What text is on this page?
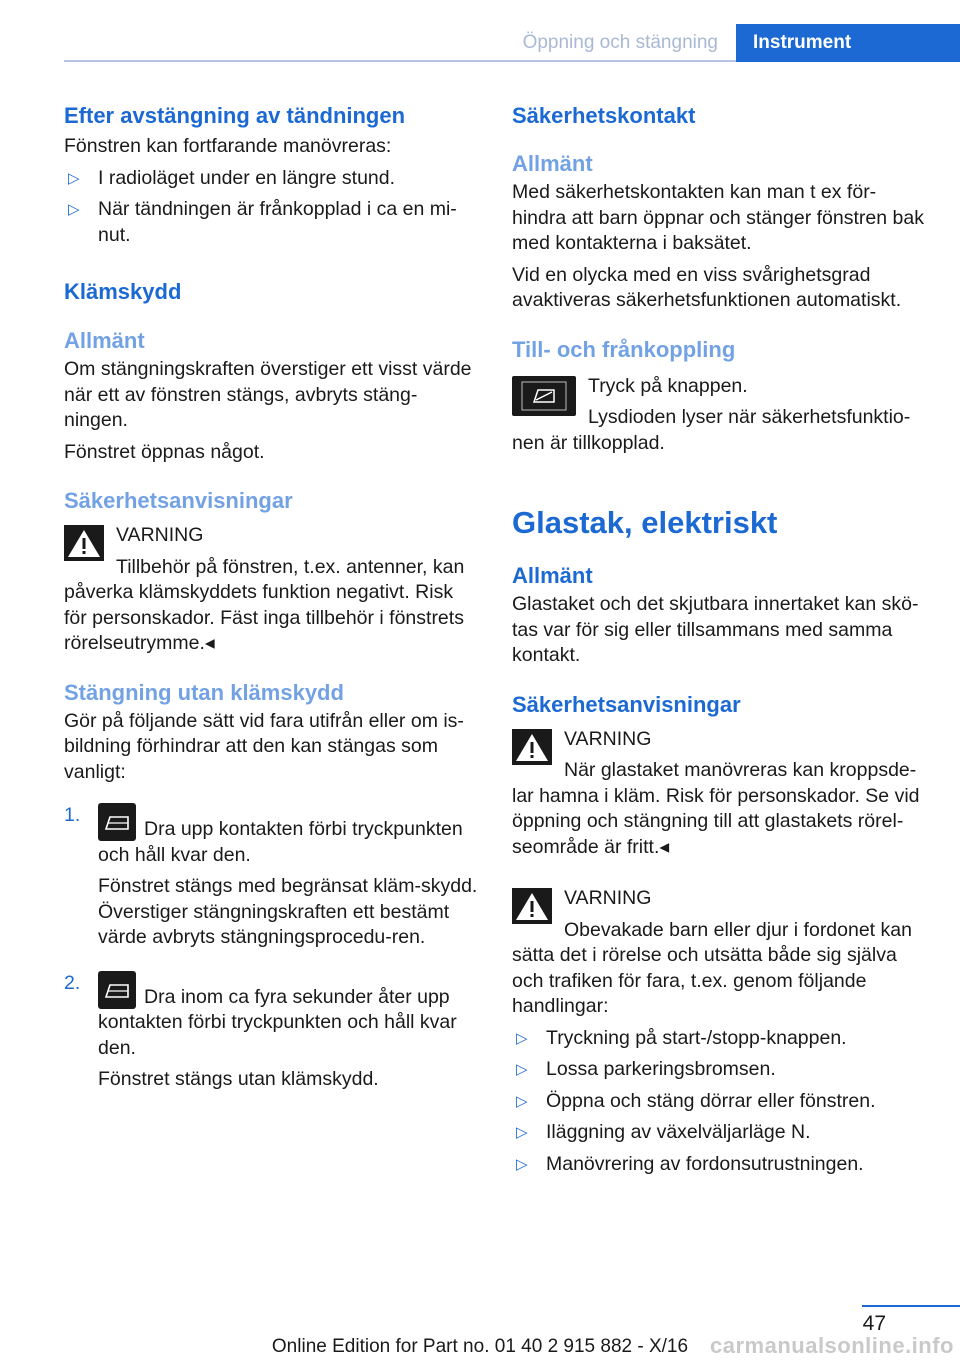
Öppning och stängning	Instrument
Efter avstängning av tändningen

Fönstren kan fortfarande manövreras:

▷ I radioläget under en längre stund.
▷ När tändningen är frånkopplad i ca en mi-nut.
Klämskydd
Allmänt

Om stängningskraften överstiger ett visst värde när ett av fönstren stängs, avbryts stäng-ningen.

Fönstret öppnas något.

Säkerhetsanvisningar
VARNING

Tillbehör på fönstren, t.ex. antenner, kan påverka klämskyddets funktion negativt. Risk för personskador. Fäst inga tillbehör i fönstrets rörelseutrymme.◂

Stängning utan klämskydd

Gör på följande sätt vid fara utifrån eller om is-bildning förhindrar att den kan stängas som vanligt:

1.
Dra upp kontakten förbi tryckpunkten och håll kvar den.

Fönstret stängs med begränsat kläm-skydd. Överstiger stängningskraften ett bestämt värde avbryts stängningsprocedu-ren.

2.
Dra inom ca fyra sekunder åter upp kontakten förbi tryckpunkten och håll kvar den.

Fönstret stängs utan klämskydd.

Säkerhetskontakt
Allmänt

Med säkerhetskontakten kan man t ex för-hindra att barn öppnar och stänger fönstren bak med kontakterna i baksätet.

Vid en olycka med en viss svårighetsgrad avaktiveras säkerhetsfunktionen automatiskt.

Till- och frånkoppling

Tryck på knappen.

Lysdioden lyser när säkerhetsfunktio-nen är tillkopplad.

Glastak, elektriskt
Allmänt

Glastaket och det skjutbara innertaket kan skö-tas var för sig eller tillsammans med samma kontakt.

Säkerhetsanvisningar
VARNING

När glastaket manövreras kan kroppsde-lar hamna i kläm. Risk för personskador. Se vid öppning och stängning till att glastakets rörel-seområde är fritt.◂

VARNING

Obevakade barn eller djur i fordonet kan sätta det i rörelse och utsätta både sig själva och trafiken för fara, t.ex. genom följande handlingar:

▷ Tryckning på start-/stopp-knappen.
▷ Lossa parkeringsbromsen.
▷ Öppna och stäng dörrar eller fönstren.
▷ Iläggning av växelväljarläge N.
▷ Manövrering av fordonsutrustningen.
47
Online Edition for Part no. 01 40 2 915 882 - X/16 carmanualsonline.info
